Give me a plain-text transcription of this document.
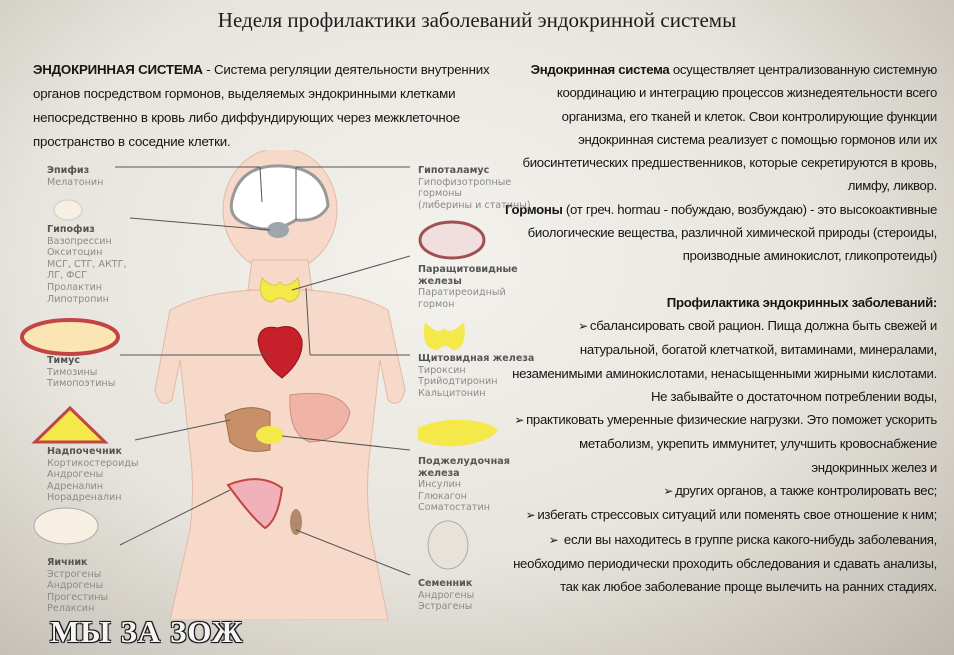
Неделя профилактики заболеваний эндокринной системы
ЭНДОКРИННАЯ СИСТЕМА - Система регуляции деятельности внутренних органов посредством гормонов, выделяемых эндокринными клетками непосредственно в кровь либо диффундирующих через межклеточное пространство в соседние клетки.

Эндокринная система осуществляет централизованную системную координацию и интеграцию процессов жизнедеятельности всего организма, его тканей и клеток. Свои контролирующие функции эндокринная система реализует с помощью гормонов или их биосинтетических предшественников, которые секретируются в кровь, лимфу, ликвор.

Гормоны (от греч. hormau - побуждаю, возбуждаю) - это высокоактивные биологические вещества, различной химической природы (стероиды, производные аминокислот, гликопротеиды)

Профилактика эндокринных заболеваний:

➢ сбалансировать свой рацион. Пища должна быть свежей и натуральной, богатой клетчаткой, витаминами, минералами, незаменимыми аминокислотами, ненасыщенными жирными кислотами. Не забывайте о достаточном потреблении воды,

➢ практиковать умеренные физические нагрузки. Это поможет ускорить метаболизм, укрепить иммунитет, улучшить кровоснабжение эндокринных желез и

➢ других органов, а также контролировать вес;

➢ избегать стрессовых ситуаций или поменять свое отношение к ним;

➢ если вы находитесь в группе риска какого-нибудь заболевания, необходимо периодически проходить обследования и сдавать анализы, так как любое заболевание проще вылечить на ранних стадиях.

Эпифиз
Мелатонин
Гипофиз
Вазопрессин
Окситоцин
МСГ, СТГ, АКТГ,
ЛГ, ФСГ
Пролактин
Липотропин
Тимус
Тимозины
Тимопоэтины
Надпочечник
Кортикостероиды
Андрогены
Адреналин
Норадреналин
Яичник
Эстрогены
Андрогены
Прогестины
Релаксин
Гипоталамус
Гипофизотропные
гормоны
(либерины и статины)
Паращитовидные
железы
Паратиреоидный
гормон
Щитовидная железа
Тироксин
Трийодтиронин
Кальцитонин
Поджелудочная
железа
Инсулин
Глюкагон
Соматостатин
Семенник
Андрогены
Эстрагены
МЫ ЗА ЗОЖ
